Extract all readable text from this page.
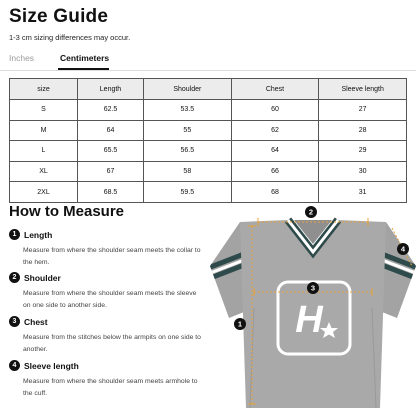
Size Guide
1-3 cm sizing differences may occur.
Inches	Centimeters
size	Length	Shoulder	Chest	Sleeve length
S	62.5	53.5	60	27
M	64	55	62	28
L	65.5	56.5	64	29
XL	67	58	66	30
2XL	68.5	59.5	68	31
How to Measure
1 Length
Measure from where the shoulder seam meets the collar to the hem.
2 Shoulder
Measure from where the shoulder seam meets the sleeve on one side to another side.
3 Chest
Measure from the stitches below the armpits on one side to another.
4 Sleeve length
Measure from where the shoulder seam meets armhole to the cuff.
H
1
2
3
4
